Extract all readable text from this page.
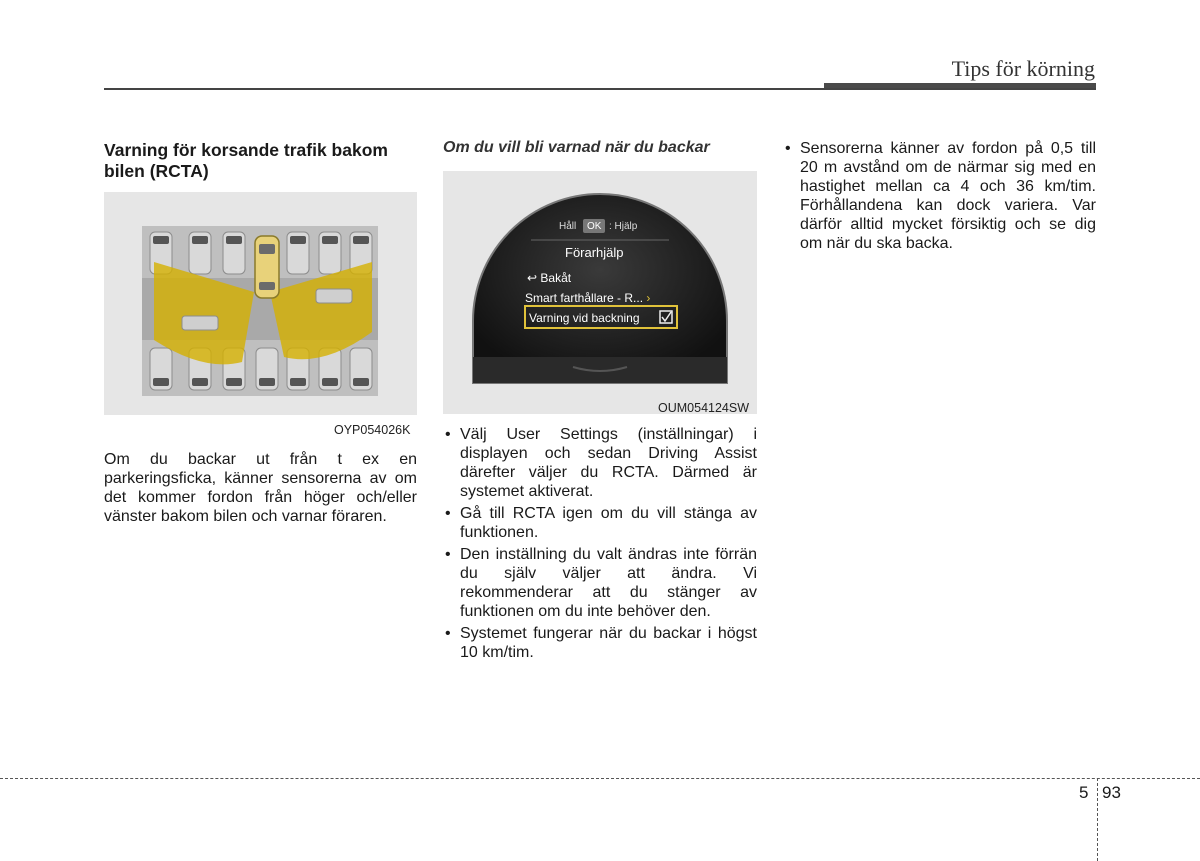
Tips för körning
Varning för korsande trafik bakom bilen (RCTA)
OYP054026K
Om du backar ut från t ex en parkeringsficka, känner sensorerna av om det kommer fordon från höger och/eller vänster bakom bilen och varnar föraren.
Om du vill bli varnad när du backar
Håll OK : Hjälp
Förarhjälp
↩ Bakåt
Smart farthållare - R... ›
Varning vid backning
OUM054124SW
• Välj User Settings (inställningar) i displayen och sedan Driving Assist därefter väljer du RCTA. Därmed är systemet aktiverat.
• Gå till RCTA igen om du vill stänga av funktionen.
• Den inställning du valt ändras inte förrän du själv väljer att ändra. Vi rekommenderar att du stänger av funktionen om du inte behöver den.
• Systemet fungerar när du backar i högst 10 km/tim.
• Sensorerna känner av fordon på 0,5 till 20 m avstånd om de närmar sig med en hastighet mellan ca 4 och 36 km/tim. Förhållandena kan dock variera. Var därför alltid mycket försiktig och se dig om när du ska backa.
5 93
